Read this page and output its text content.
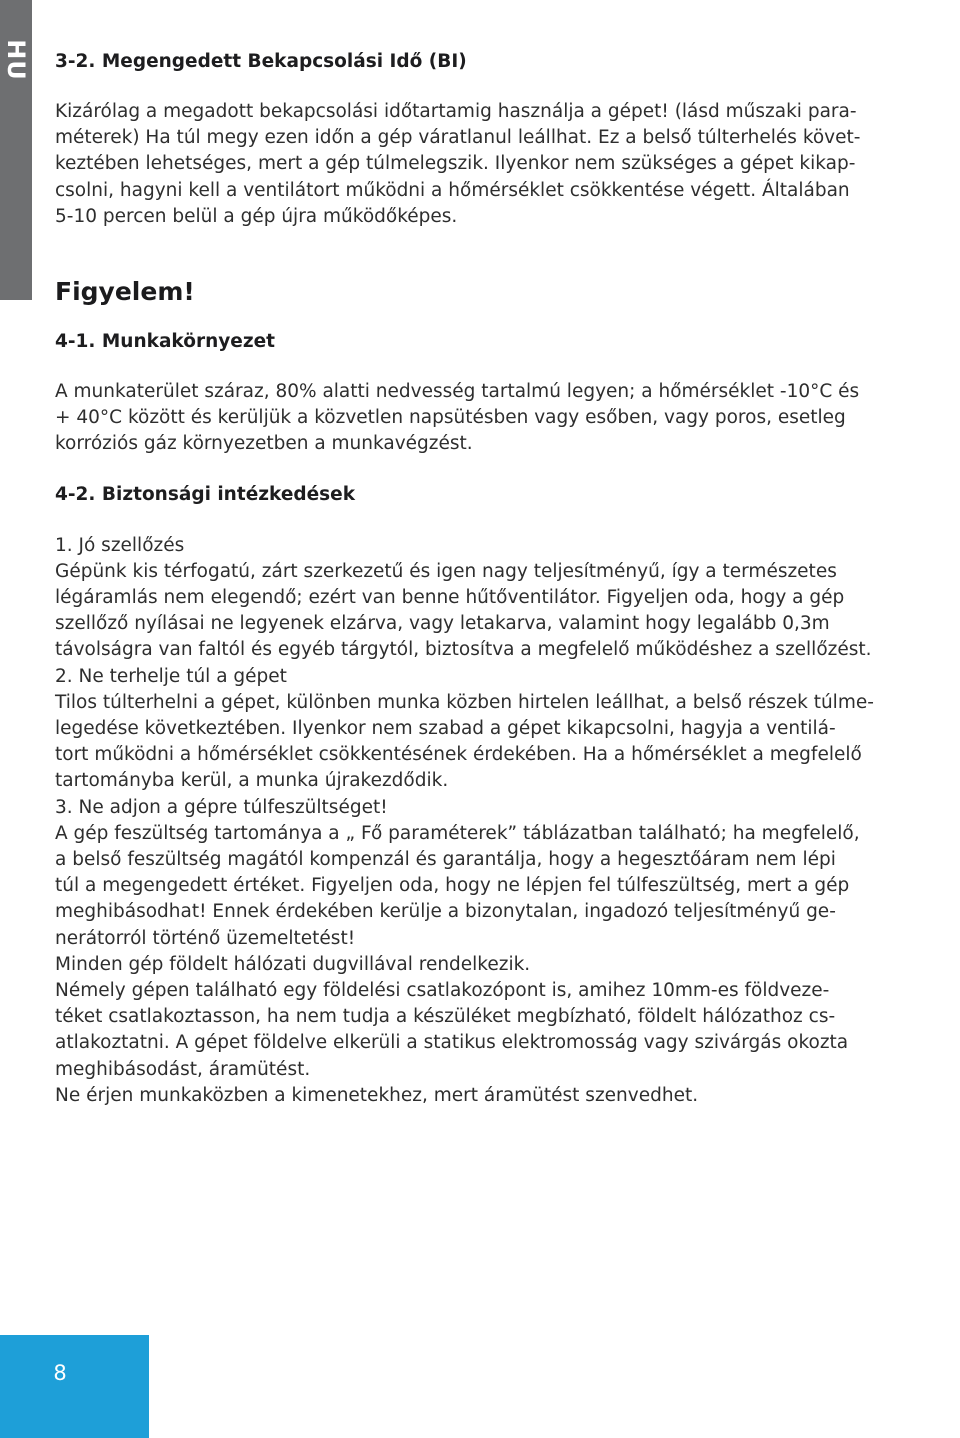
HU 3-2. Megengedett Bekapcsolási Idő (BI)

Kizárólag a megadott bekapcsolási időtartamig használja a gépet! (lásd műszaki para-

méterek) Ha túl megy ezen időn a gép váratlanul leállhat. Ez a belső túlterhelés követ-

keztében lehetséges, mert a gép túlmelegszik. Ilyenkor nem szükséges a gépet kikap-

csolni, hagyni kell a ventilátort működni a hőmérséklet csökkentése végett. Általában

5-10 percen belül a gép újra működőképes.

Figyelem!
4-1. Munkakörnyezet

A munkaterület száraz, 80% alatti nedvesség tartalmú legyen; a hőmérséklet -10°C és

+ 40°C között és kerüljük a közvetlen napsütésben vagy esőben, vagy poros, esetleg

korróziós gáz környezetben a munkavégzést.

4-2. Biztonsági intézkedések

1. Jó szellőzés

Gépünk kis térfogatú, zárt szerkezetű és igen nagy teljesítményű, így a természetes

légáramlás nem elegendő; ezért van benne hűtőventilátor. Figyeljen oda, hogy a gép

szellőző nyílásai ne legyenek elzárva, vagy letakarva, valamint hogy legalább 0,3m

távolságra van faltól és egyéb tárgytól, biztosítva a megfelelő működéshez a szellőzést.

2. Ne terhelje túl a gépet

Tilos túlterhelni a gépet, különben munka közben hirtelen leállhat, a belső részek túlme-

legedése következtében. Ilyenkor nem szabad a gépet kikapcsolni, hagyja a ventilá-

tort működni a hőmérséklet csökkentésének érdekében. Ha a hőmérséklet a megfelelő

tartományba kerül, a munka újrakezdődik.

3. Ne adjon a gépre túlfeszültséget!

A gép feszültség tartománya a „ Fő paraméterek” táblázatban található; ha megfelelő,

a belső feszültség magától kompenzál és garantálja, hogy a hegesztőáram nem lépi

túl a megengedett értéket. Figyeljen oda, hogy ne lépjen fel túlfeszültség, mert a gép

meghibásodhat! Ennek érdekében kerülje a bizonytalan, ingadozó teljesítményű ge-

nerátorról történő üzemeltetést!

Minden gép földelt hálózati dugvillával rendelkezik.

Némely gépen található egy földelési csatlakozópont is, amihez 10mm-es földveze-

téket csatlakoztasson, ha nem tudja a készüléket megbízható, földelt hálózathoz cs-

atlakoztatni. A gépet földelve elkerüli a statikus elektromosság vagy szivárgás okozta

meghibásodást, áramütést.

Ne érjen munkaközben a kimenetekhez, mert áramütést szenvedhet.

8
